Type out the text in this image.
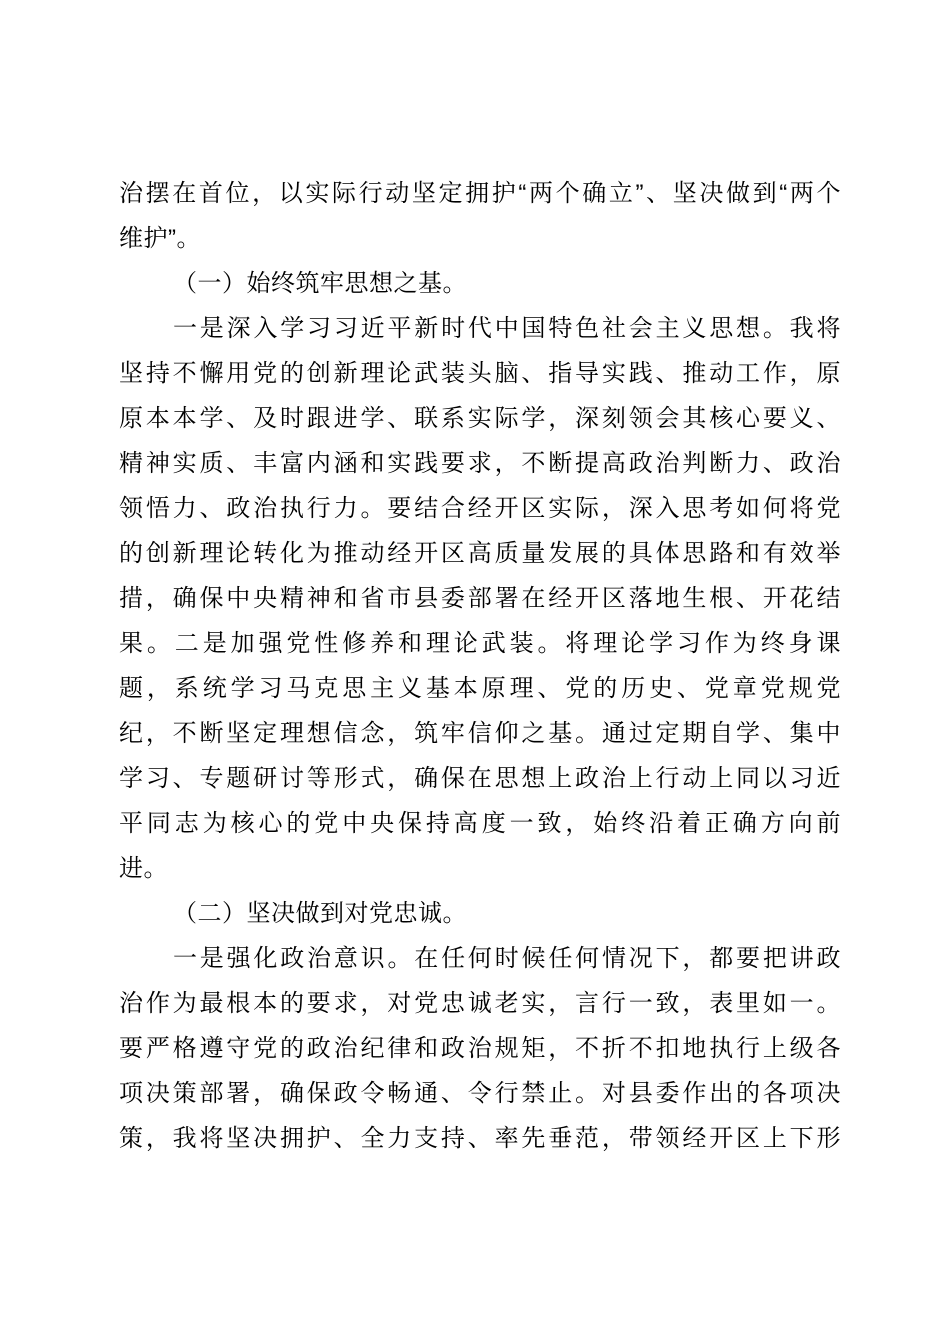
治摆在首位，以实际行动坚定拥护“两个确立”、坚决做到“两个
维护”。
（一）始终筑牢思想之基。
一是深入学习习近平新时代中国特色社会主义思想。我将
坚持不懈用党的创新理论武装头脑、指导实践、推动工作，原
原本本学、及时跟进学、联系实际学，深刻领会其核心要义、
精神实质、丰富内涵和实践要求，不断提高政治判断力、政治
领悟力、政治执行力。要结合经开区实际，深入思考如何将党
的创新理论转化为推动经开区高质量发展的具体思路和有效举
措，确保中央精神和省市县委部署在经开区落地生根、开花结
果。二是加强党性修养和理论武装。将理论学习作为终身课
题，系统学习马克思主义基本原理、党的历史、党章党规党
纪，不断坚定理想信念，筑牢信仰之基。通过定期自学、集中
学习、专题研讨等形式，确保在思想上政治上行动上同以习近
平同志为核心的党中央保持高度一致，始终沿着正确方向前
进。
（二）坚决做到对党忠诚。
一是强化政治意识。在任何时候任何情况下，都要把讲政
治作为最根本的要求，对党忠诚老实，言行一致，表里如一。
要严格遵守党的政治纪律和政治规矩，不折不扣地执行上级各
项决策部署，确保政令畅通、令行禁止。对县委作出的各项决
策，我将坚决拥护、全力支持、率先垂范，带领经开区上下形
